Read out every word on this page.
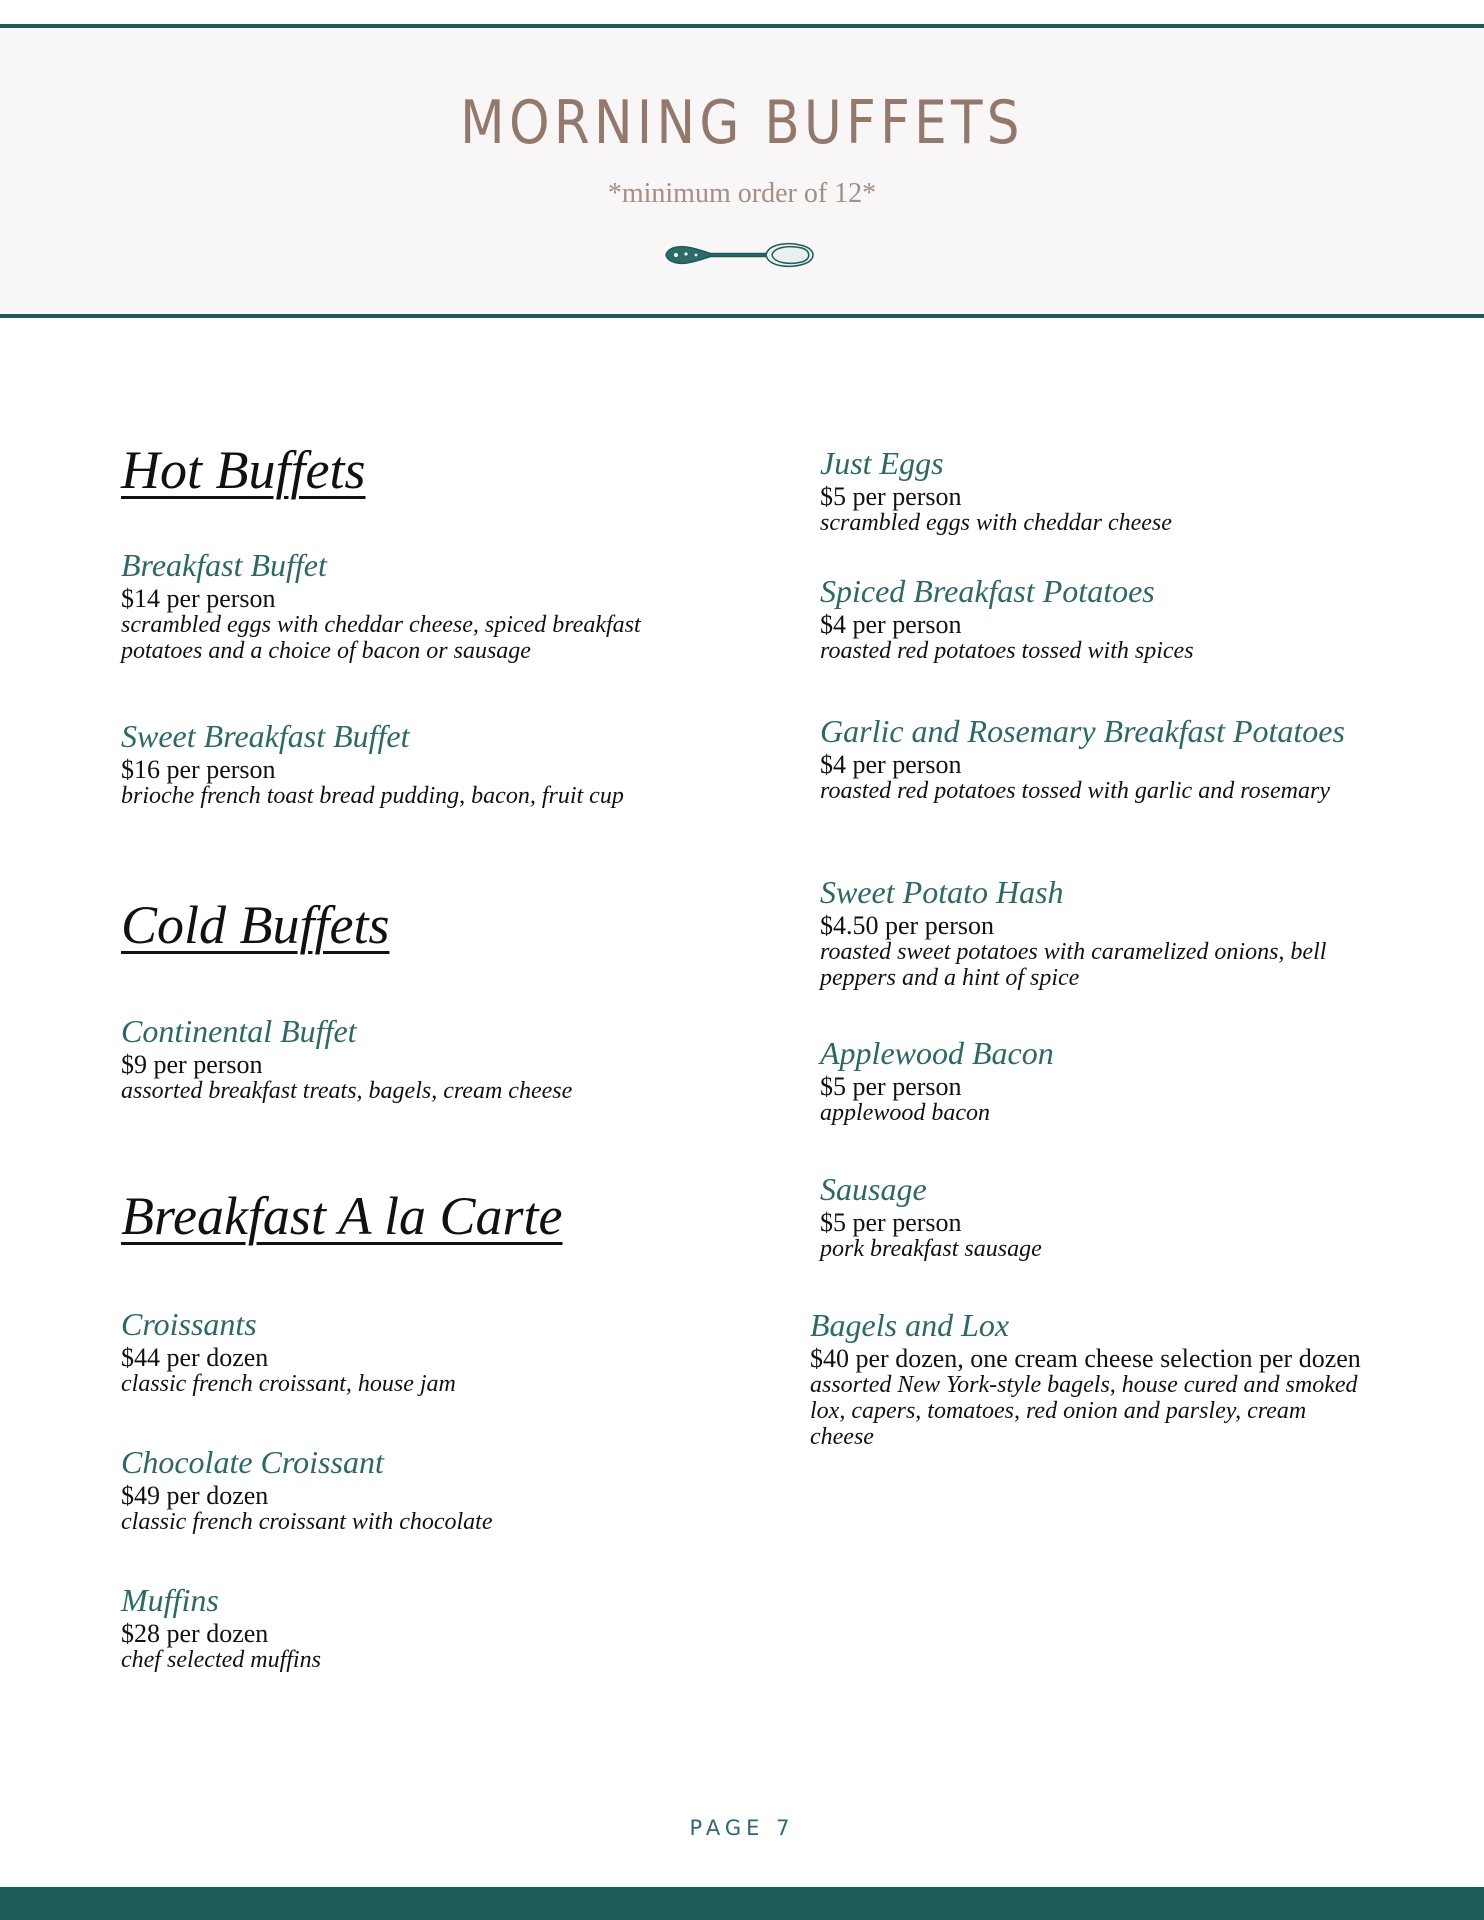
MORNING BUFFETS
*minimum order of 12*
Hot Buffets
Breakfast Buffet
$14 per person
scrambled eggs with cheddar cheese, spiced breakfast potatoes and a choice of bacon or sausage
Sweet Breakfast Buffet
$16 per person
brioche french toast bread pudding, bacon, fruit cup
Cold Buffets
Continental Buffet
$9 per person
assorted breakfast treats, bagels, cream cheese
Breakfast A la Carte
Croissants
$44 per dozen
classic french croissant, house jam
Chocolate Croissant
$49 per dozen
classic french croissant with chocolate
Muffins
$28 per dozen
chef selected muffins
Just Eggs
$5 per person
scrambled eggs with cheddar cheese
Spiced Breakfast Potatoes
$4 per person
roasted red potatoes tossed with spices
Garlic and Rosemary Breakfast Potatoes
$4 per person
roasted red potatoes tossed with garlic and rosemary
Sweet Potato Hash
$4.50 per person
roasted sweet potatoes with caramelized onions, bell peppers and a hint of spice
Applewood Bacon
$5 per person
applewood bacon
Sausage
$5 per person
pork breakfast sausage
Bagels and Lox
$40 per dozen, one cream cheese selection per dozen
assorted New York-style bagels, house cured and smoked lox, capers, tomatoes, red onion and parsley, cream cheese
PAGE 7
